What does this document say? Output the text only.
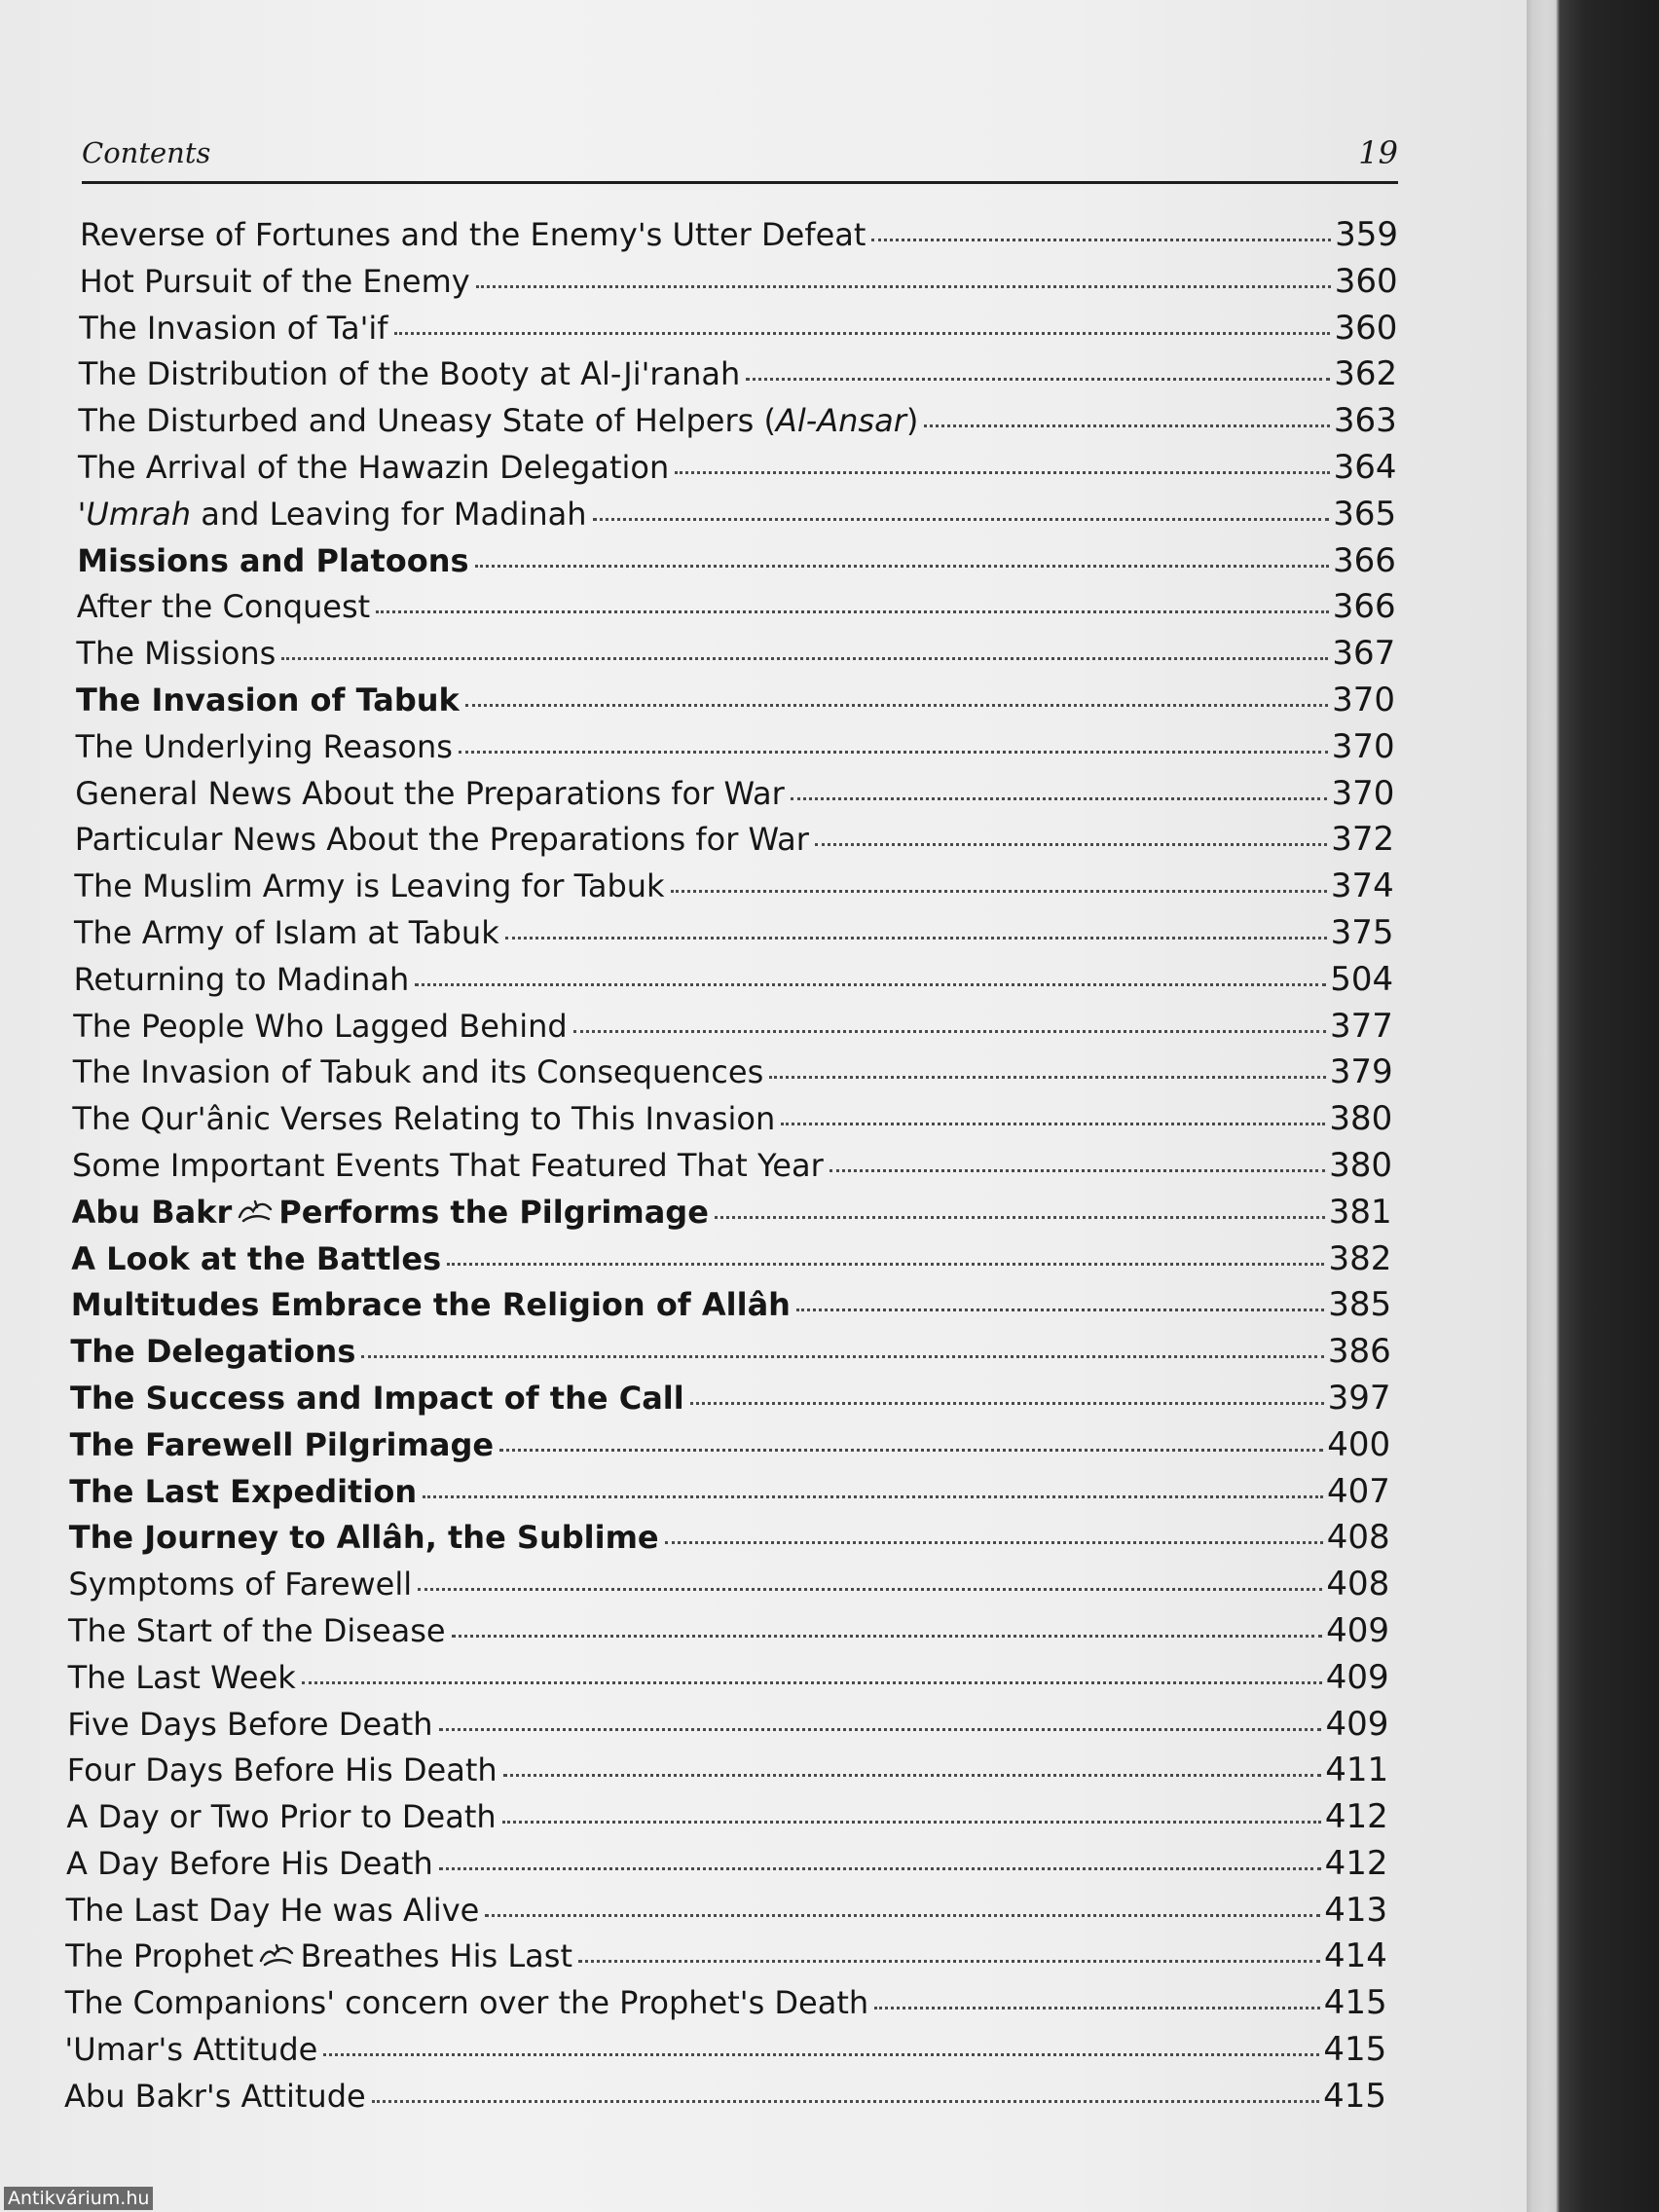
Contents	19
Reverse of Fortunes and the Enemy's Utter Defeat	359
Hot Pursuit of the Enemy	360
The Invasion of Ta'if	360
The Distribution of the Booty at Al-Ji'ranah	362
The Disturbed and Uneasy State of Helpers (Al-Ansar)	363
The Arrival of the Hawazin Delegation	364
'Umrah and Leaving for Madinah	365
Missions and Platoons	366
After the Conquest	366
The Missions	367
The Invasion of Tabuk	370
The Underlying Reasons	370
General News About the Preparations for War	370
Particular News About the Preparations for War	372
The Muslim Army is Leaving for Tabuk	374
The Army of Islam at Tabuk	375
Returning to Madinah	504
The People Who Lagged Behind	377
The Invasion of Tabuk and its Consequences	379
The Qur'ânic Verses Relating to This Invasion	380
Some Important Events That Featured That Year	380
Abu Bakr Performs the Pilgrimage	381
A Look at the Battles	382
Multitudes Embrace the Religion of Allâh	385
The Delegations	386
The Success and Impact of the Call	397
The Farewell Pilgrimage	400
The Last Expedition	407
The Journey to Allâh, the Sublime	408
Symptoms of Farewell	408
The Start of the Disease	409
The Last Week	409
Five Days Before Death	409
Four Days Before His Death	411
A Day or Two Prior to Death	412
A Day Before His Death	412
The Last Day He was Alive	413
The Prophet Breathes His Last	414
The Companions' concern over the Prophet's Death	415
'Umar's Attitude	415
Abu Bakr's Attitude	415
Antikvárium.hu
